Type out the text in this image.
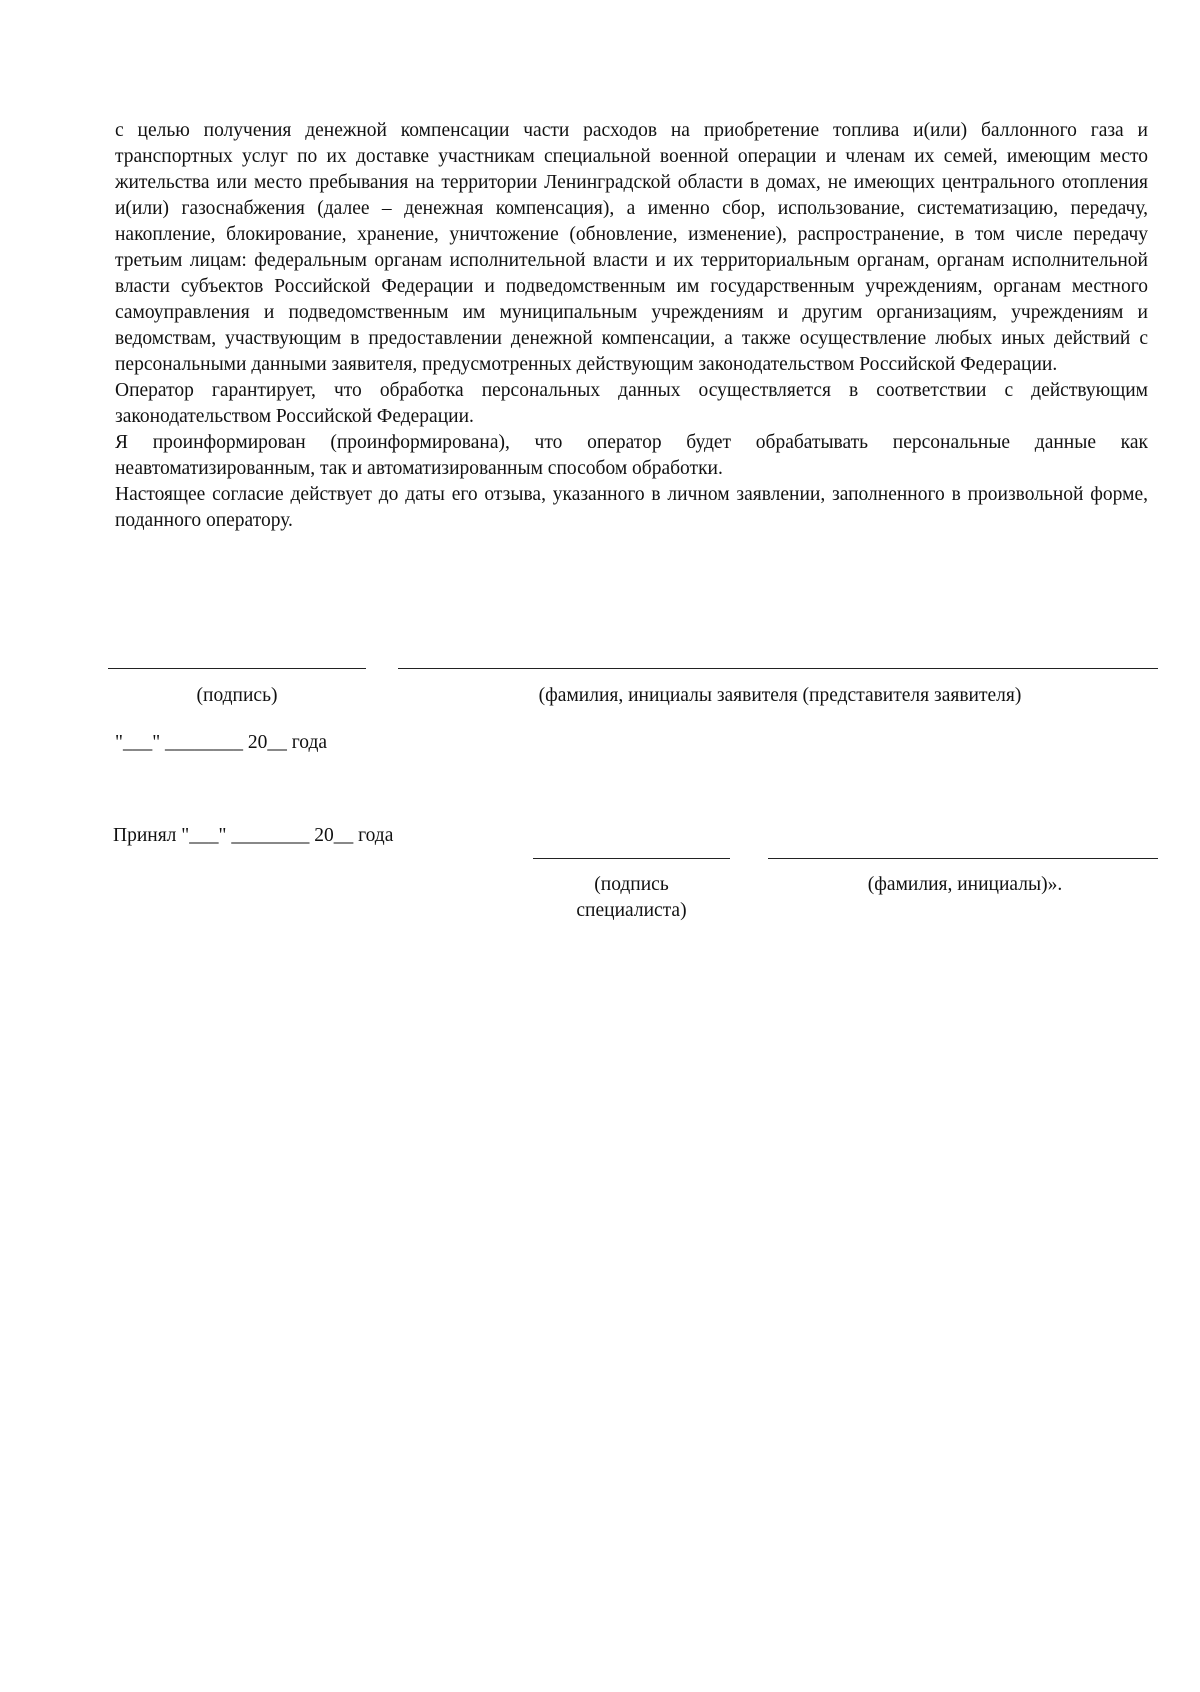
с целью получения денежной компенсации части расходов на приобретение топлива и(или) баллонного газа и транспортных услуг по их доставке участникам специальной военной операции и членам их семей, имеющим место жительства или место пребывания на территории Ленинградской области в домах, не имеющих центрального отопления и(или) газоснабжения (далее – денежная компенсация), а именно сбор, использование, систематизацию, передачу, накопление, блокирование, хранение, уничтожение (обновление, изменение), распространение, в том числе передачу третьим лицам: федеральным органам исполнительной власти и их территориальным органам, органам исполнительной власти субъектов Российской Федерации и подведомственным им государственным учреждениям, органам местного самоуправления и подведомственным им муниципальным учреждениям и другим организациям, учреждениям и ведомствам, участвующим в предоставлении денежной компенсации, а также осуществление любых иных действий с персональными данными заявителя, предусмотренных действующим законодательством Российской Федерации.

Оператор гарантирует, что обработка персональных данных осуществляется в соответствии с действующим законодательством Российской Федерации.

Я проинформирован (проинформирована), что оператор будет обрабатывать персональные данные как неавтоматизированным, так и автоматизированным способом обработки.

Настоящее согласие действует до даты его отзыва, указанного в личном заявлении, заполненного в произвольной форме, поданного оператору.

(подпись)	(фамилия, инициалы заявителя (представителя заявителя)
"___" ________ 20__ года
Принял "___" ________ 20__ года
(подпись
специалиста)
(фамилия, инициалы)».
